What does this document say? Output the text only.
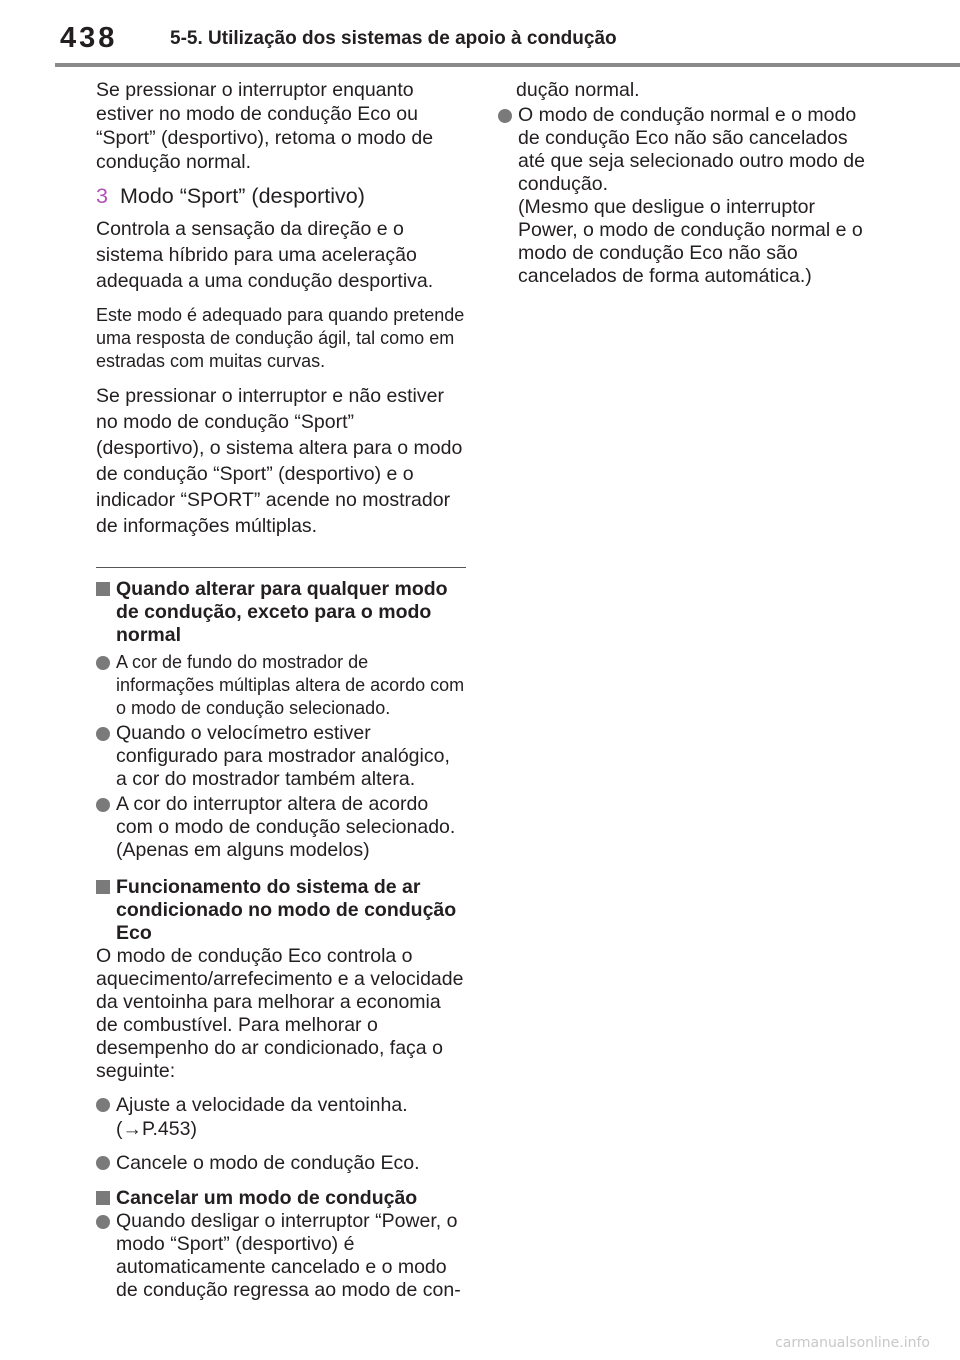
438	5-5. Utilização dos sistemas de apoio à condução

Se pressionar o interruptor enquanto estiver no modo de condução Eco ou “Sport” (desportivo), retoma o modo de condução normal.

3 Modo “Sport” (desportivo)

Controla a sensação da direção e o sistema híbrido para uma aceleração adequada a uma condução desportiva.

Este modo é adequado para quando pretende uma resposta de condução ágil, tal como em estradas com muitas curvas.

Se pressionar o interruptor e não estiver no modo de condução “Sport” (desportivo), o sistema altera para o modo de condução “Sport” (desportivo) e o indicador “SPORT” acende no mostrador de informações múltiplas.

Quando alterar para qualquer modo de condução, exceto para o modo normal
A cor de fundo do mostrador de informações múltiplas altera de acordo com o modo de condução selecionado.
Quando o velocímetro estiver configurado para mostrador analógico, a cor do mostrador também altera.
A cor do interruptor altera de acordo com o modo de condução selecionado. (Apenas em alguns modelos)
Funcionamento do sistema de ar condicionado no modo de condução Eco

O modo de condução Eco controla o aquecimento/arrefecimento e a velocidade da ventoinha para melhorar a economia de combustível. Para melhorar o desempenho do ar condicionado, faça o seguinte:

Ajuste a velocidade da ventoinha.
(→P.453)
Cancele o modo de condução Eco.
Cancelar um modo de condução
Quando desligar o interruptor “Power, o modo “Sport” (desportivo) é automaticamente cancelado e o modo de condução regressa ao modo de con-

dução normal.

O modo de condução normal e o modo de condução Eco não são cancelados até que seja selecionado outro modo de condução.
(Mesmo que desligue o interruptor Power, o modo de condução normal e o modo de condução Eco não são cancelados de forma automática.)
carmanualsonline.info
